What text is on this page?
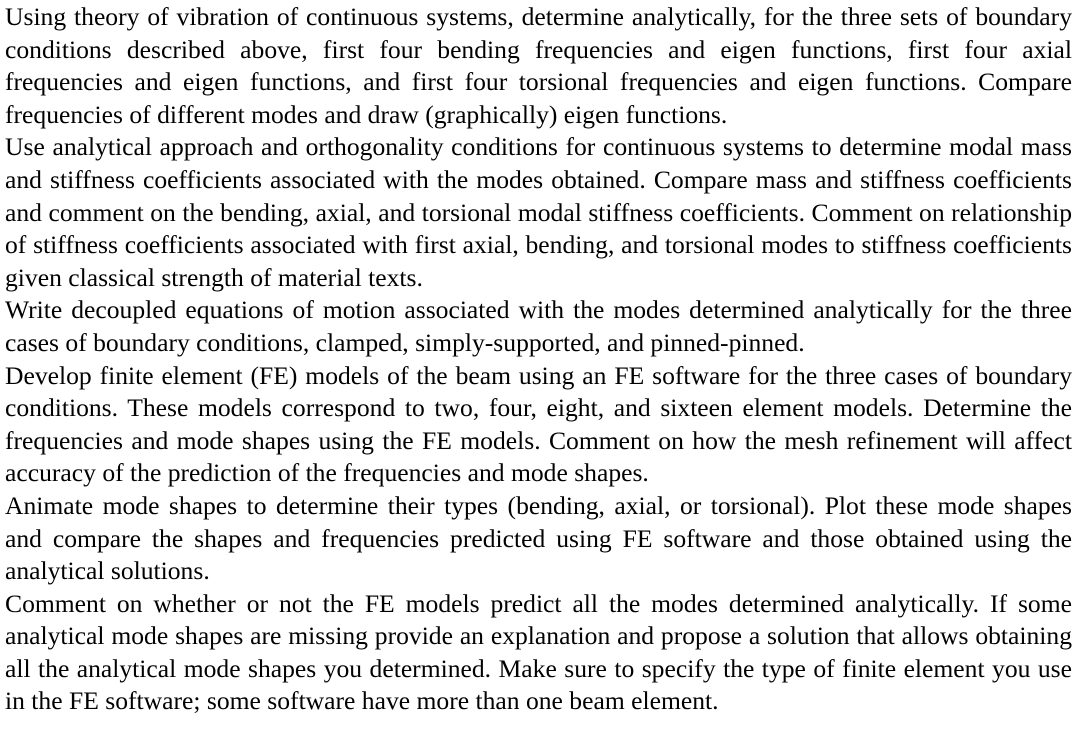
Using theory of vibration of continuous systems, determine analytically, for the three sets of boundary conditions described above, first four bending frequencies and eigen functions, first four axial frequencies and eigen functions, and first four torsional frequencies and eigen functions. Compare frequencies of different modes and draw (graphically) eigen functions.

Use analytical approach and orthogonality conditions for continuous systems to determine modal mass and stiffness coefficients associated with the modes obtained. Compare mass and stiffness coefficients and comment on the bending, axial, and torsional modal stiffness coefficients. Comment on relationship of stiffness coefficients associated with first axial, bending, and torsional modes to stiffness coefficients given classical strength of material texts.

Write decoupled equations of motion associated with the modes determined analytically for the three cases of boundary conditions, clamped, simply-supported, and pinned-pinned.

Develop finite element (FE) models of the beam using an FE software for the three cases of boundary conditions. These models correspond to two, four, eight, and sixteen element models. Determine the frequencies and mode shapes using the FE models. Comment on how the mesh refinement will affect accuracy of the prediction of the frequencies and mode shapes.

Animate mode shapes to determine their types (bending, axial, or torsional). Plot these mode shapes and compare the shapes and frequencies predicted using FE software and those obtained using the analytical solutions.

Comment on whether or not the FE models predict all the modes determined analytically. If some analytical mode shapes are missing provide an explanation and propose a solution that allows obtaining all the analytical mode shapes you determined. Make sure to specify the type of finite element you use in the FE software; some software have more than one beam element.
